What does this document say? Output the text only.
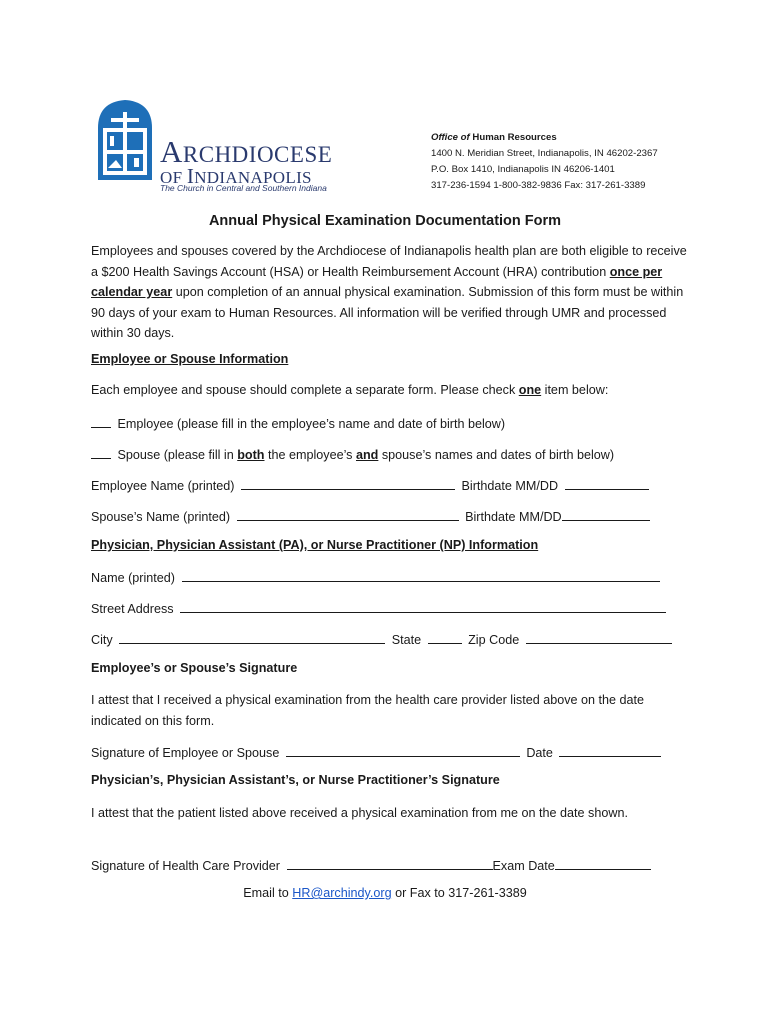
ARCHDIOCESE
OF INDIANAPOLIS
The Church in Central and Southern Indiana
Office of Human Resources
1400 N. Meridian Street, Indianapolis, IN 46202-2367
P.O. Box 1410, Indianapolis IN 46206-1401
317-236-1594 1-800-382-9836 Fax: 317-261-3389
Annual Physical Examination Documentation Form
Employees and spouses covered by the Archdiocese of Indianapolis health plan are both eligible to receive a $200 Health Savings Account (HSA) or Health Reimbursement Account (HRA) contribution once per calendar year upon completion of an annual physical examination. Submission of this form must be within 90 days of your exam to Human Resources. All information will be verified through UMR and processed within 30 days.
Employee or Spouse Information
Each employee and spouse should complete a separate form. Please check one item below:
Employee (please fill in the employee’s name and date of birth below)
Spouse (please fill in both the employee’s and spouse’s names and dates of birth below)
Employee Name (printed)	Birthdate MM/DD
Spouse’s Name (printed)	Birthdate MM/DD
Physician, Physician Assistant (PA), or Nurse Practitioner (NP) Information
Name (printed)
Street Address
City	State	Zip Code
Employee’s or Spouse’s Signature
I attest that I received a physical examination from the health care provider listed above on the date indicated on this form.
Signature of Employee or Spouse	Date
Physician’s, Physician Assistant’s, or Nurse Practitioner’s Signature
I attest that the patient listed above received a physical examination from me on the date shown.
Signature of Health Care Provider	Exam Date
Email to HR@archindy.org or Fax to 317-261-3389
